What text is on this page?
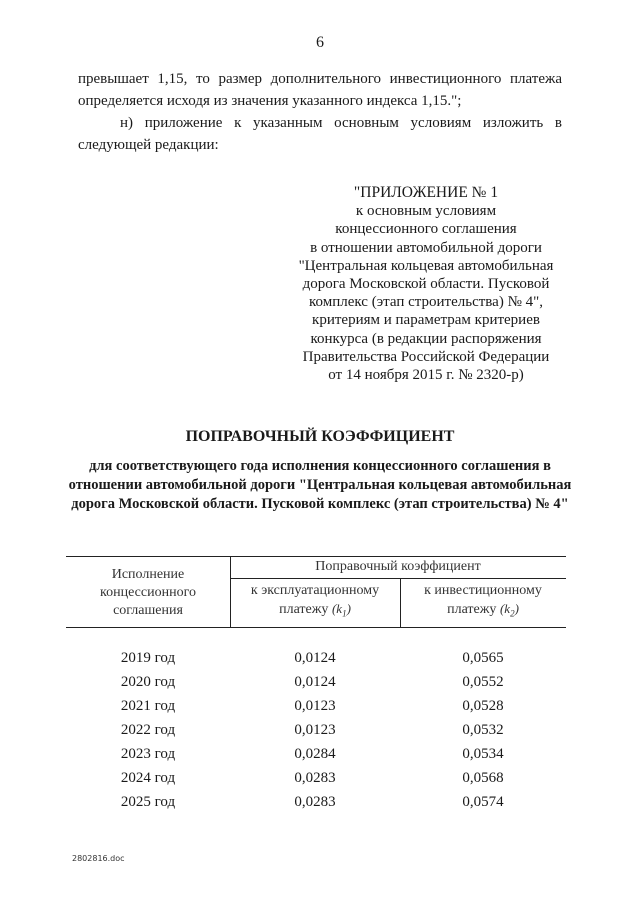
6
превышает 1,15, то размер дополнительного инвестиционного платежа определяется исходя из значения указанного индекса 1,15.";
н) приложение к указанным основным условиям изложить в следующей редакции:
"ПРИЛОЖЕНИЕ № 1
к основным условиям
концессионного соглашения
в отношении автомобильной дороги
"Центральная кольцевая автомобильная
дорога Московской области. Пусковой
комплекс (этап строительства) № 4",
критериям и параметрам критериев
конкурса (в редакции распоряжения
Правительства Российской Федерации
от 14 ноября 2015 г. № 2320-р)
ПОПРАВОЧНЫЙ КОЭФФИЦИЕНТ
для соответствующего года исполнения концессионного соглашения в отношении автомобильной дороги "Центральная кольцевая автомобильная дорога Московской области. Пусковой комплекс (этап строительства) № 4"
Исполнение концессионного соглашения
Поправочный коэффициент
к эксплуатационному платежу $(k_1)$
к инвестиционному платежу $(k_2)$
2019 год	0,0124	0,0565
2020 год	0,0124	0,0552
2021 год	0,0123	0,0528
2022 год	0,0123	0,0532
2023 год	0,0284	0,0534
2024 год	0,0283	0,0568
2025 год	0,0283	0,0574
2802816.doc
